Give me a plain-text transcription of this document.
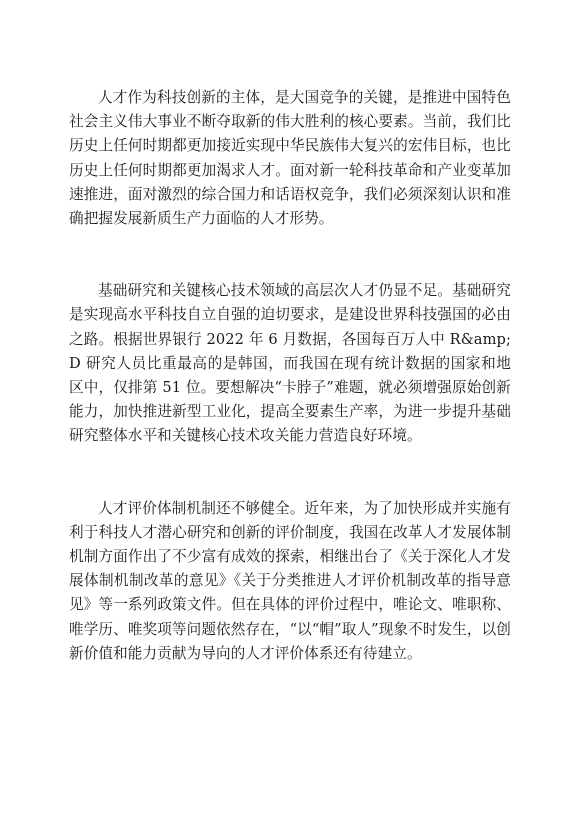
人才作为科技创新的主体，是大国竞争的关键，是推进中国特色社会主义伟大事业不断夺取新的伟大胜利的核心要素。当前，我们比历史上任何时期都更加接近实现中华民族伟大复兴的宏伟目标，也比历史上任何时期都更加渴求人才。面对新一轮科技革命和产业变革加速推进，面对激烈的综合国力和话语权竞争，我们必须深刻认识和准确把握发展新质生产力面临的人才形势。

基础研究和关键核心技术领域的高层次人才仍显不足。基础研究是实现高水平科技自立自强的迫切要求，是建设世界科技强国的必由之路。根据世界银行 2022 年 6 月数据，各国每百万人中 R&amp;D 研究人员比重最高的是韩国，而我国在现有统计数据的国家和地区中，仅排第 51 位。要想解决“卡脖子”难题，就必须增强原始创新能力，加快推进新型工业化，提高全要素生产率，为进一步提升基础研究整体水平和关键核心技术攻关能力营造良好环境。

人才评价体制机制还不够健全。近年来，为了加快形成并实施有利于科技人才潜心研究和创新的评价制度，我国在改革人才发展体制机制方面作出了不少富有成效的探索，相继出台了《关于深化人才发展体制机制改革的意见》《关于分类推进人才评价机制改革的指导意见》等一系列政策文件。但在具体的评价过程中，唯论文、唯职称、唯学历、唯奖项等问题依然存在，“以“帽”取人”现象不时发生，以创新价值和能力贡献为导向的人才评价体系还有待建立。
